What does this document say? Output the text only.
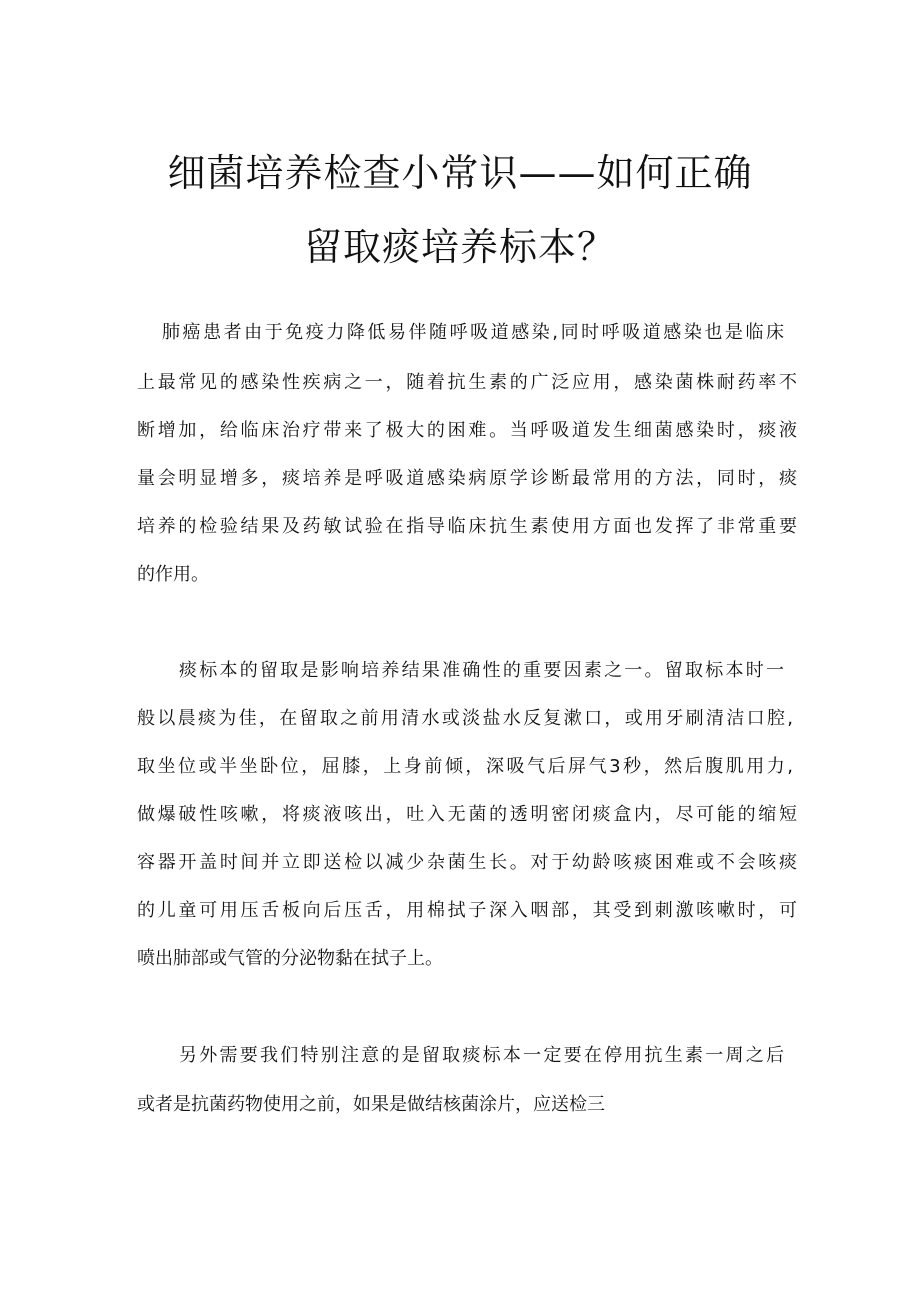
细菌培养检查小常识——如何正确
留取痰培养标本？
肺癌患者由于免疫力降低易伴随呼吸道感染,同时呼吸道感染也是临床
上最常见的感染性疾病之一，随着抗生素的广泛应用，感染菌株耐药率不
断增加，给临床治疗带来了极大的困难。当呼吸道发生细菌感染时，痰液
量会明显增多，痰培养是呼吸道感染病原学诊断最常用的方法，同时，痰
培养的检验结果及药敏试验在指导临床抗生素使用方面也发挥了非常重要
的作用。
痰标本的留取是影响培养结果准确性的重要因素之一。留取标本时一
般以晨痰为佳，在留取之前用清水或淡盐水反复漱口，或用牙刷清洁口腔,
取坐位或半坐卧位，屈膝，上身前倾，深吸气后屏气3秒，然后腹肌用力,
做爆破性咳嗽，将痰液咳出，吐入无菌的透明密闭痰盒内，尽可能的缩短
容器开盖时间并立即送检以减少杂菌生长。对于幼龄咳痰困难或不会咳痰
的儿童可用压舌板向后压舌，用棉拭子深入咽部，其受到刺激咳嗽时，可
喷出肺部或气管的分泌物黏在拭子上。
另外需要我们特别注意的是留取痰标本一定要在停用抗生素一周之后
或者是抗菌药物使用之前，如果是做结核菌涂片，应送检三
